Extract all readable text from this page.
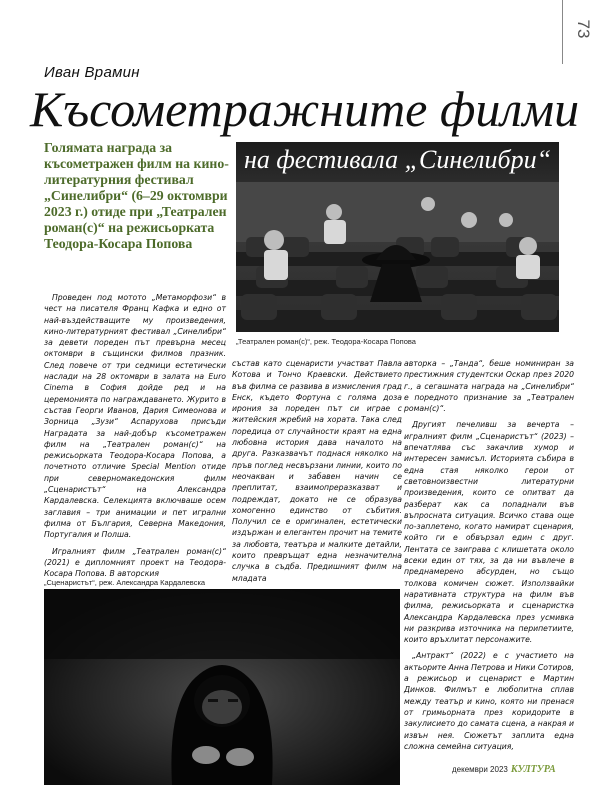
73
Иван Врамин
Късометражните филми
Голямата награда за късометражен филм на кино-литературния фестивал „Синелибри“ (6–29 октомври 2023 г.) отиде при „Театрален роман(с)“ на режисьорката Теодора-Косара Попова
на фестивала „Синелибри“
„Театрален роман(с)“, реж. Теодора-Косара Попова

Проведен под мотото „Метаморфози“ в чест на писателя Франц Кафка и едно от най-въздействащите му произведения, кино-литературният фестивал „Синелибри“ за девети пореден път превърна месец октомври в същински филмов празник. След повече от три седмици естетически наслади на 28 октомври в залата на Euro Cinema в София дойде ред и на церемонията по награждаването. Журито в състав Георги Иванов, Дария Симеонова и Зорница „Зузи“ Аспарухова присъди Наградата за най-добър късометражен филм на „Театрален роман(с)“ на режисьорката Теодора-Косара Попова, а почетното отличие Special Mention отиде при северномакедонския филм „Сценаристът“ на Александра Кардалевска. Селекцията включваше осем заглавия – три анимации и пет игрални филма от България, Северна Македония, Португалия и Полша.

Игралният филм „Театрален роман(с)“ (2021) е дипломният проект на Теодора-Косара Попова. В авторския

състав като сценаристи участват Павла Котова и Тончо Краевски. Действието във филма се развива в измисления град Енск, където Фортуна с голяма доза ирония за пореден път си играе с житейския жребий на хората. Така след поредица от случайности краят на една любовна история дава началото на друга. Разказвачът поднася няколко на пръв поглед несвързани линии, които по неочакван и забавен начин се преплитат, взаимопреразказват и подреждат, докато не се образува хомогенно единство от събития. Получил се е оригинален, естетически издържан и елегантен прочит на темите за любовта, театъра и малките детайли, които превръщат една незначителна случка в съдба. Предишният филм на младата

авторка – „Танда“, беше номиниран за престижния студентски Оскар през 2020 г., а сегашната награда на „Синелибри“ е поредното признание за „Театрален роман(с)“.

Другият печеливш за вечерта – игралният филм „Сценаристът“ (2023) – впечатлява със закачлив хумор и интересен замисъл. Историята събира в една стая няколко герои от световноизвестни литературни произведения, които се опитват да разберат как са попаднали във въпросната ситуация. Всичко става още по-заплетено, когато намират сценария, който ги е обвързал един с друг. Лентата се заиграва с клишетата около всеки един от тях, за да ни въвлече в преднамерено абсурден, но също толкова комичен сюжет. Използвайки наративната структура на филм във филма, режисьорката и сценаристка Александра Кардалевска през усмивка ни разкрива източника на перипетиите, които връхлитат персонажите.

„Антракт“ (2022) е с участието на актьорите Анна Петрова и Ники Сотиров, а режисьор и сценарист е Мартин Динков. Филмът е любопитна сплав между театър и кино, която ни пренася от гримьорната през коридорите в закулисието до самата сцена, а накрая и извън нея. Сюжетът заплита една сложна семейна ситуация,

„Сценаристът“, реж. Александра Кардалевска
декември 2023 КУЛТУРА
